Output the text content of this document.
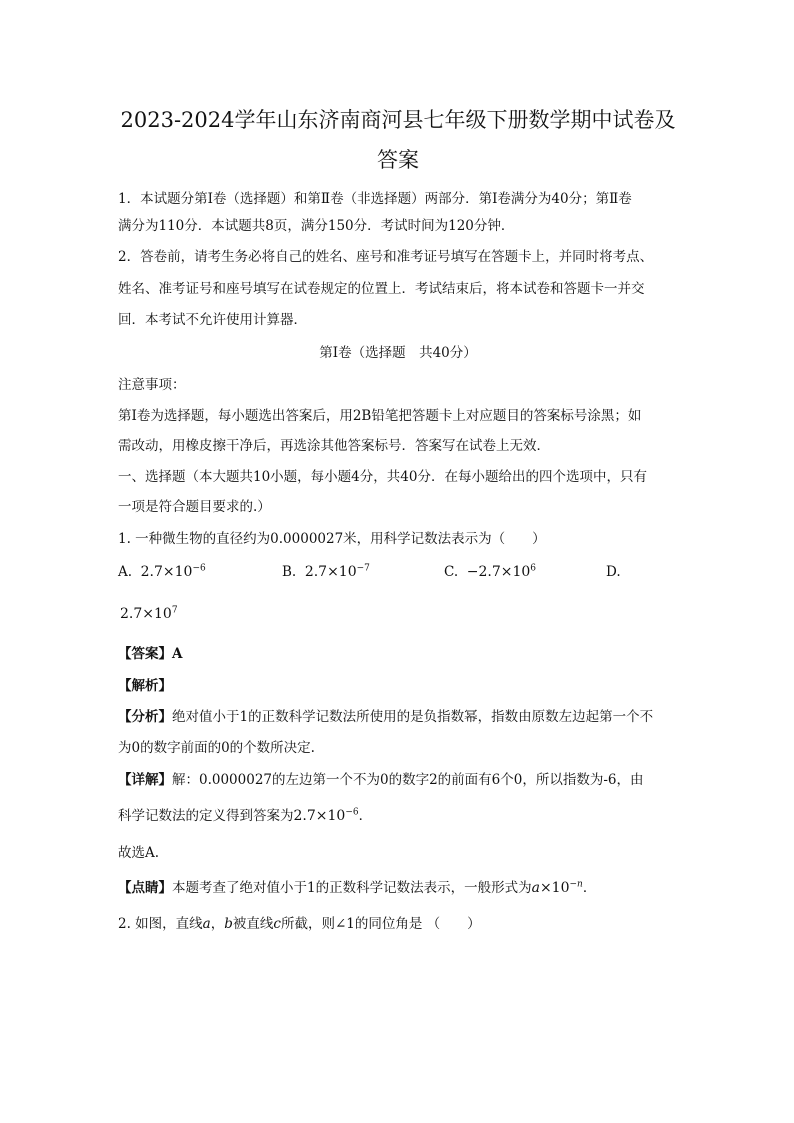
2023-2024学年山东济南商河县七年级下册数学期中试卷及
答案
1．本试题分第Ⅰ卷（选择题）和第Ⅱ卷（非选择题）两部分．第Ⅰ卷满分为40分；第Ⅱ卷
满分为110分．本试题共8页，满分150分．考试时间为120分钟．
2．答卷前，请考生务必将自己的姓名、座号和准考证号填写在答题卡上，并同时将考点、
姓名、准考证号和座号填写在试卷规定的位置上．考试结束后，将本试卷和答题卡一并交
回．本考试不允许使用计算器．
第Ⅰ卷（选择题　共40分）
注意事项：
第Ⅰ卷为选择题，每小题选出答案后，用2B铅笔把答题卡上对应题目的答案标号涂黑；如
需改动，用橡皮擦干净后，再选涂其他答案标号．答案写在试卷上无效．
一、选择题（本大题共10小题，每小题4分，共40分．在每小题给出的四个选项中，只有
一项是符合题目要求的.）
1. 一种微生物的直径约为0.0000027米，用科学记数法表示为（　　）
A. $2.7\times 10^{-6}$	B. $2.7\times 10^{-7}$	C. $-2.7\times 10^6$	D.
$2.7\times 10^7$
【答案】A
【解析】
【分析】绝对值小于1的正数科学记数法所使用的是负指数幂，指数由原数左边起第一个不
为0的数字前面的0的个数所决定.
【详解】解：0.0000027的左边第一个不为0的数字2的前面有6个0，所以指数为-6，由
科学记数法的定义得到答案为$2.7\times 10^{-6}$．
故选A.
【点睛】本题考查了绝对值小于1的正数科学记数法表示，一般形式为$a\times 10^{-n}$．
2. 如图，直线a，b被直线c所截，则∠1的同位角是 （　　）
